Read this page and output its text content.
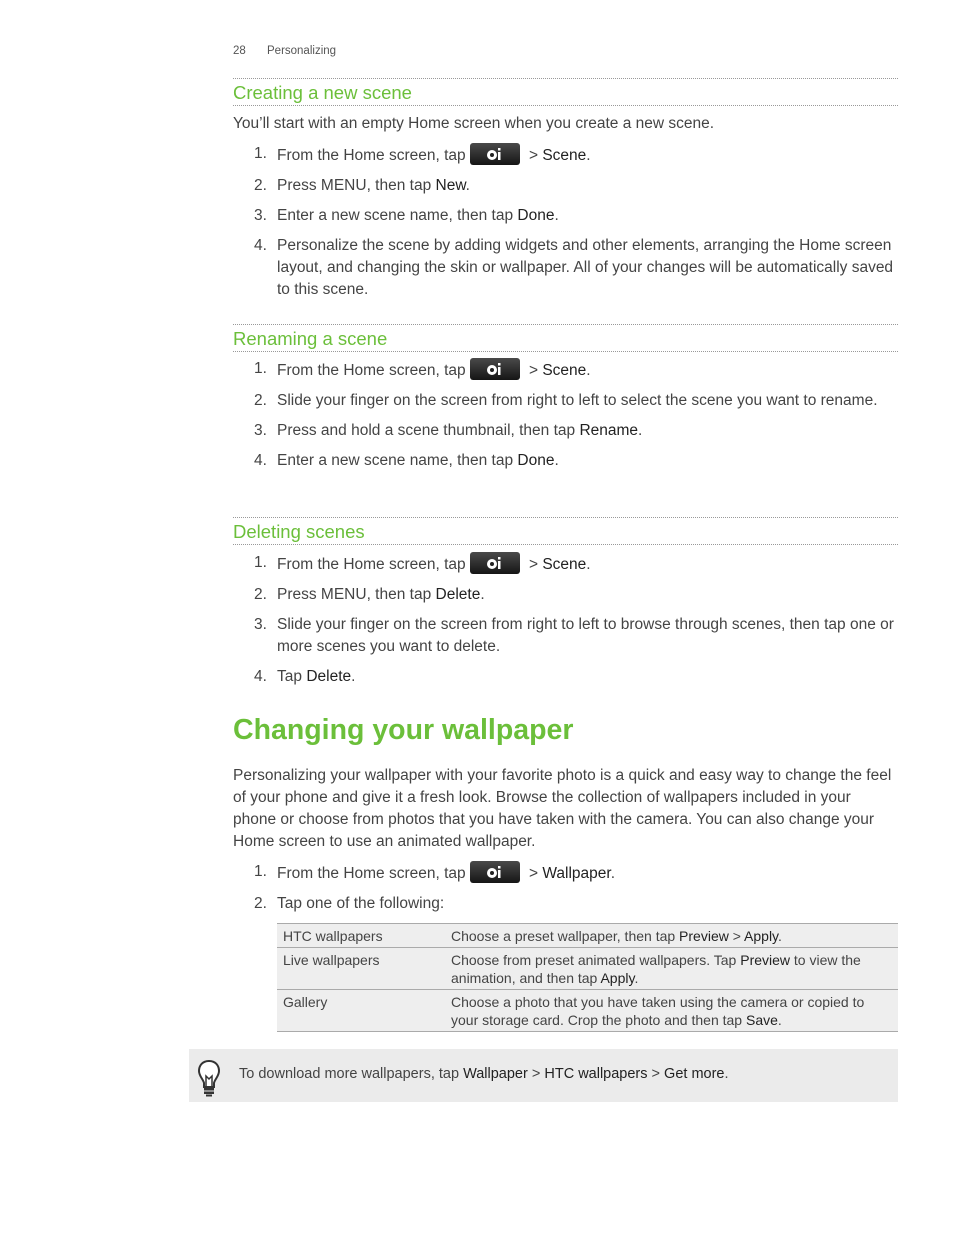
28 Personalizing
Creating a new scene
You’ll start with an empty Home screen when you create a new scene.
1. From the Home screen, tap	> Scene.
2. Press MENU, then tap New.
3. Enter a new scene name, then tap Done.
4. Personalize the scene by adding widgets and other elements, arranging the Home screen layout, and changing the skin or wallpaper. All of your changes will be automatically saved to this scene.
Renaming a scene
1. From the Home screen, tap	> Scene.
2. Slide your finger on the screen from right to left to select the scene you want to rename.
3. Press and hold a scene thumbnail, then tap Rename.
4. Enter a new scene name, then tap Done.
Deleting scenes
1. From the Home screen, tap	> Scene.
2. Press MENU, then tap Delete.
3. Slide your finger on the screen from right to left to browse through scenes, then tap one or more scenes you want to delete.
4. Tap Delete.
Changing your wallpaper
Personalizing your wallpaper with your favorite photo is a quick and easy way to change the feel of your phone and give it a fresh look. Browse the collection of wallpapers included in your phone or choose from photos that you have taken with the camera. You can also change your Home screen to use an animated wallpaper.
1. From the Home screen, tap	> Wallpaper.
2. Tap one of the following:
HTC wallpapers	Choose a preset wallpaper, then tap Preview > Apply.
Live wallpapers	Choose from preset animated wallpapers. Tap Preview to view the animation, and then tap Apply.
Gallery	Choose a photo that you have taken using the camera or copied to your storage card. Crop the photo and then tap Save.
To download more wallpapers, tap Wallpaper > HTC wallpapers > Get more.
